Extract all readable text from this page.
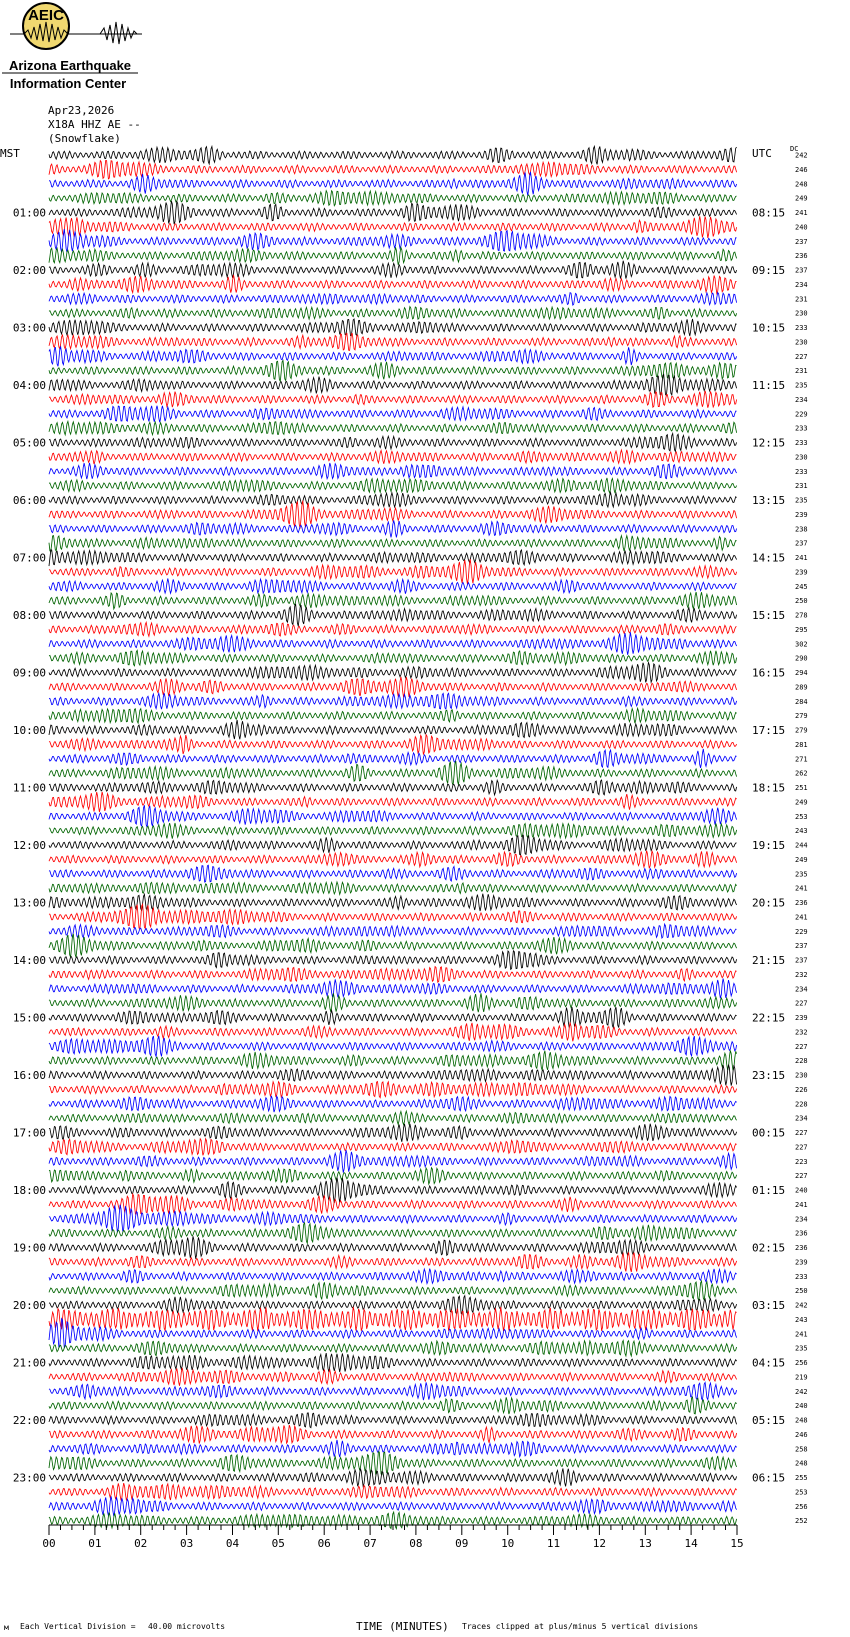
AEIC
Arizona Earthquake
Information Center
Apr23,2026
X18A HHZ AE --
(Snowflake)
MST	UTC	DC
242
246
248
249
241
240
237
236
237
234
231
230
233
230
227
231
235
234
229
233
233
230
233
231
235
239
238
237
241
239
245
250
278
295
302
290
294
289
284
279
279
281
271
262
251
249
253
243
244
249
235
241
236
241
229
237
237
232
234
227
239
232
227
228
230
226
228
234
227
227
223
227
240
241
234
236
236
239
233
250
242
243
241
235
256
219
242
240
248
246
258
248
255
253
256
252
01:00
02:00
03:00
04:00
05:00
06:00
07:00
08:00
09:00
10:00
11:00
12:00
13:00
14:00
15:00
16:00
17:00
18:00
19:00
20:00
21:00
22:00
23:00
08:15
09:15
10:15
11:15
12:15
13:15
14:15
15:15
16:15
17:15
18:15
19:15
20:15
21:15
22:15
23:15
00:15
01:15
02:15
03:15
04:15
05:15
06:15
00	01	02	03	04	05	06	07	08	09	10	11	12	13	14	15
м Each Vertical Division = 40.00 microvolts	TIME (MINUTES) Traces clipped at plus/minus 5 vertical divisions
